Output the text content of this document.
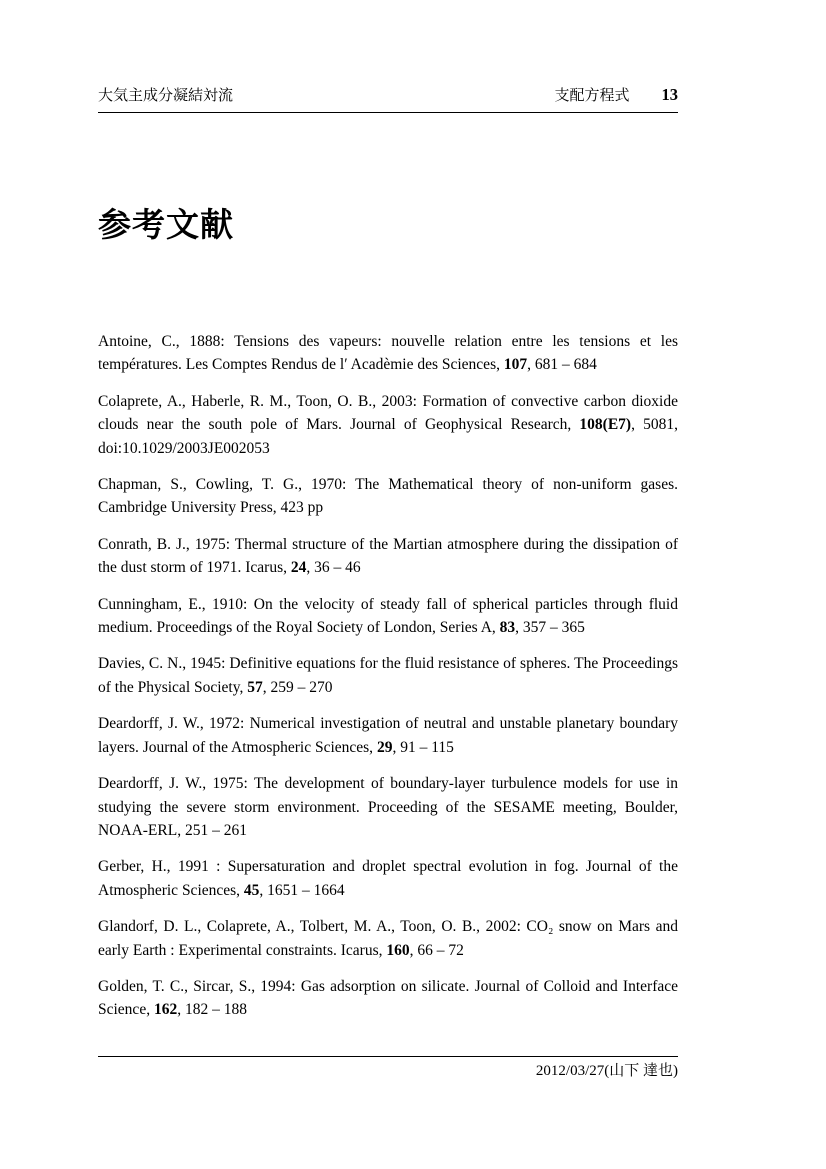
大気主成分凝結対流	支配方程式 13
参考文献

Antoine, C., 1888: Tensions des vapeurs: nouvelle relation entre les tensions et les températures. Les Comptes Rendus de l′ Acadèmie des Sciences, 107, 681 – 684

Colaprete, A., Haberle, R. M., Toon, O. B., 2003: Formation of convective carbon dioxide clouds near the south pole of Mars. Journal of Geophysical Research, 108(E7), 5081, doi:10.1029/2003JE002053

Chapman, S., Cowling, T. G., 1970: The Mathematical theory of non-uniform gases. Cambridge University Press, 423 pp

Conrath, B. J., 1975: Thermal structure of the Martian atmosphere during the dissipation of the dust storm of 1971. Icarus, 24, 36 – 46

Cunningham, E., 1910: On the velocity of steady fall of spherical particles through fluid medium. Proceedings of the Royal Society of London, Series A, 83, 357 – 365

Davies, C. N., 1945: Definitive equations for the fluid resistance of spheres. The Proceedings of the Physical Society, 57, 259 – 270

Deardorff, J. W., 1972: Numerical investigation of neutral and unstable planetary boundary layers. Journal of the Atmospheric Sciences, 29, 91 – 115

Deardorff, J. W., 1975: The development of boundary-layer turbulence models for use in studying the severe storm environment. Proceeding of the SESAME meeting, Boulder, NOAA-ERL, 251 – 261

Gerber, H., 1991 : Supersaturation and droplet spectral evolution in fog. Journal of the Atmospheric Sciences, 45, 1651 – 1664

Glandorf, D. L., Colaprete, A., Tolbert, M. A., Toon, O. B., 2002: CO₂ snow on Mars and early Earth : Experimental constraints. Icarus, 160, 66 – 72

Golden, T. C., Sircar, S., 1994: Gas adsorption on silicate. Journal of Colloid and Interface Science, 162, 182 – 188

2012/03/27(山下 達也)
